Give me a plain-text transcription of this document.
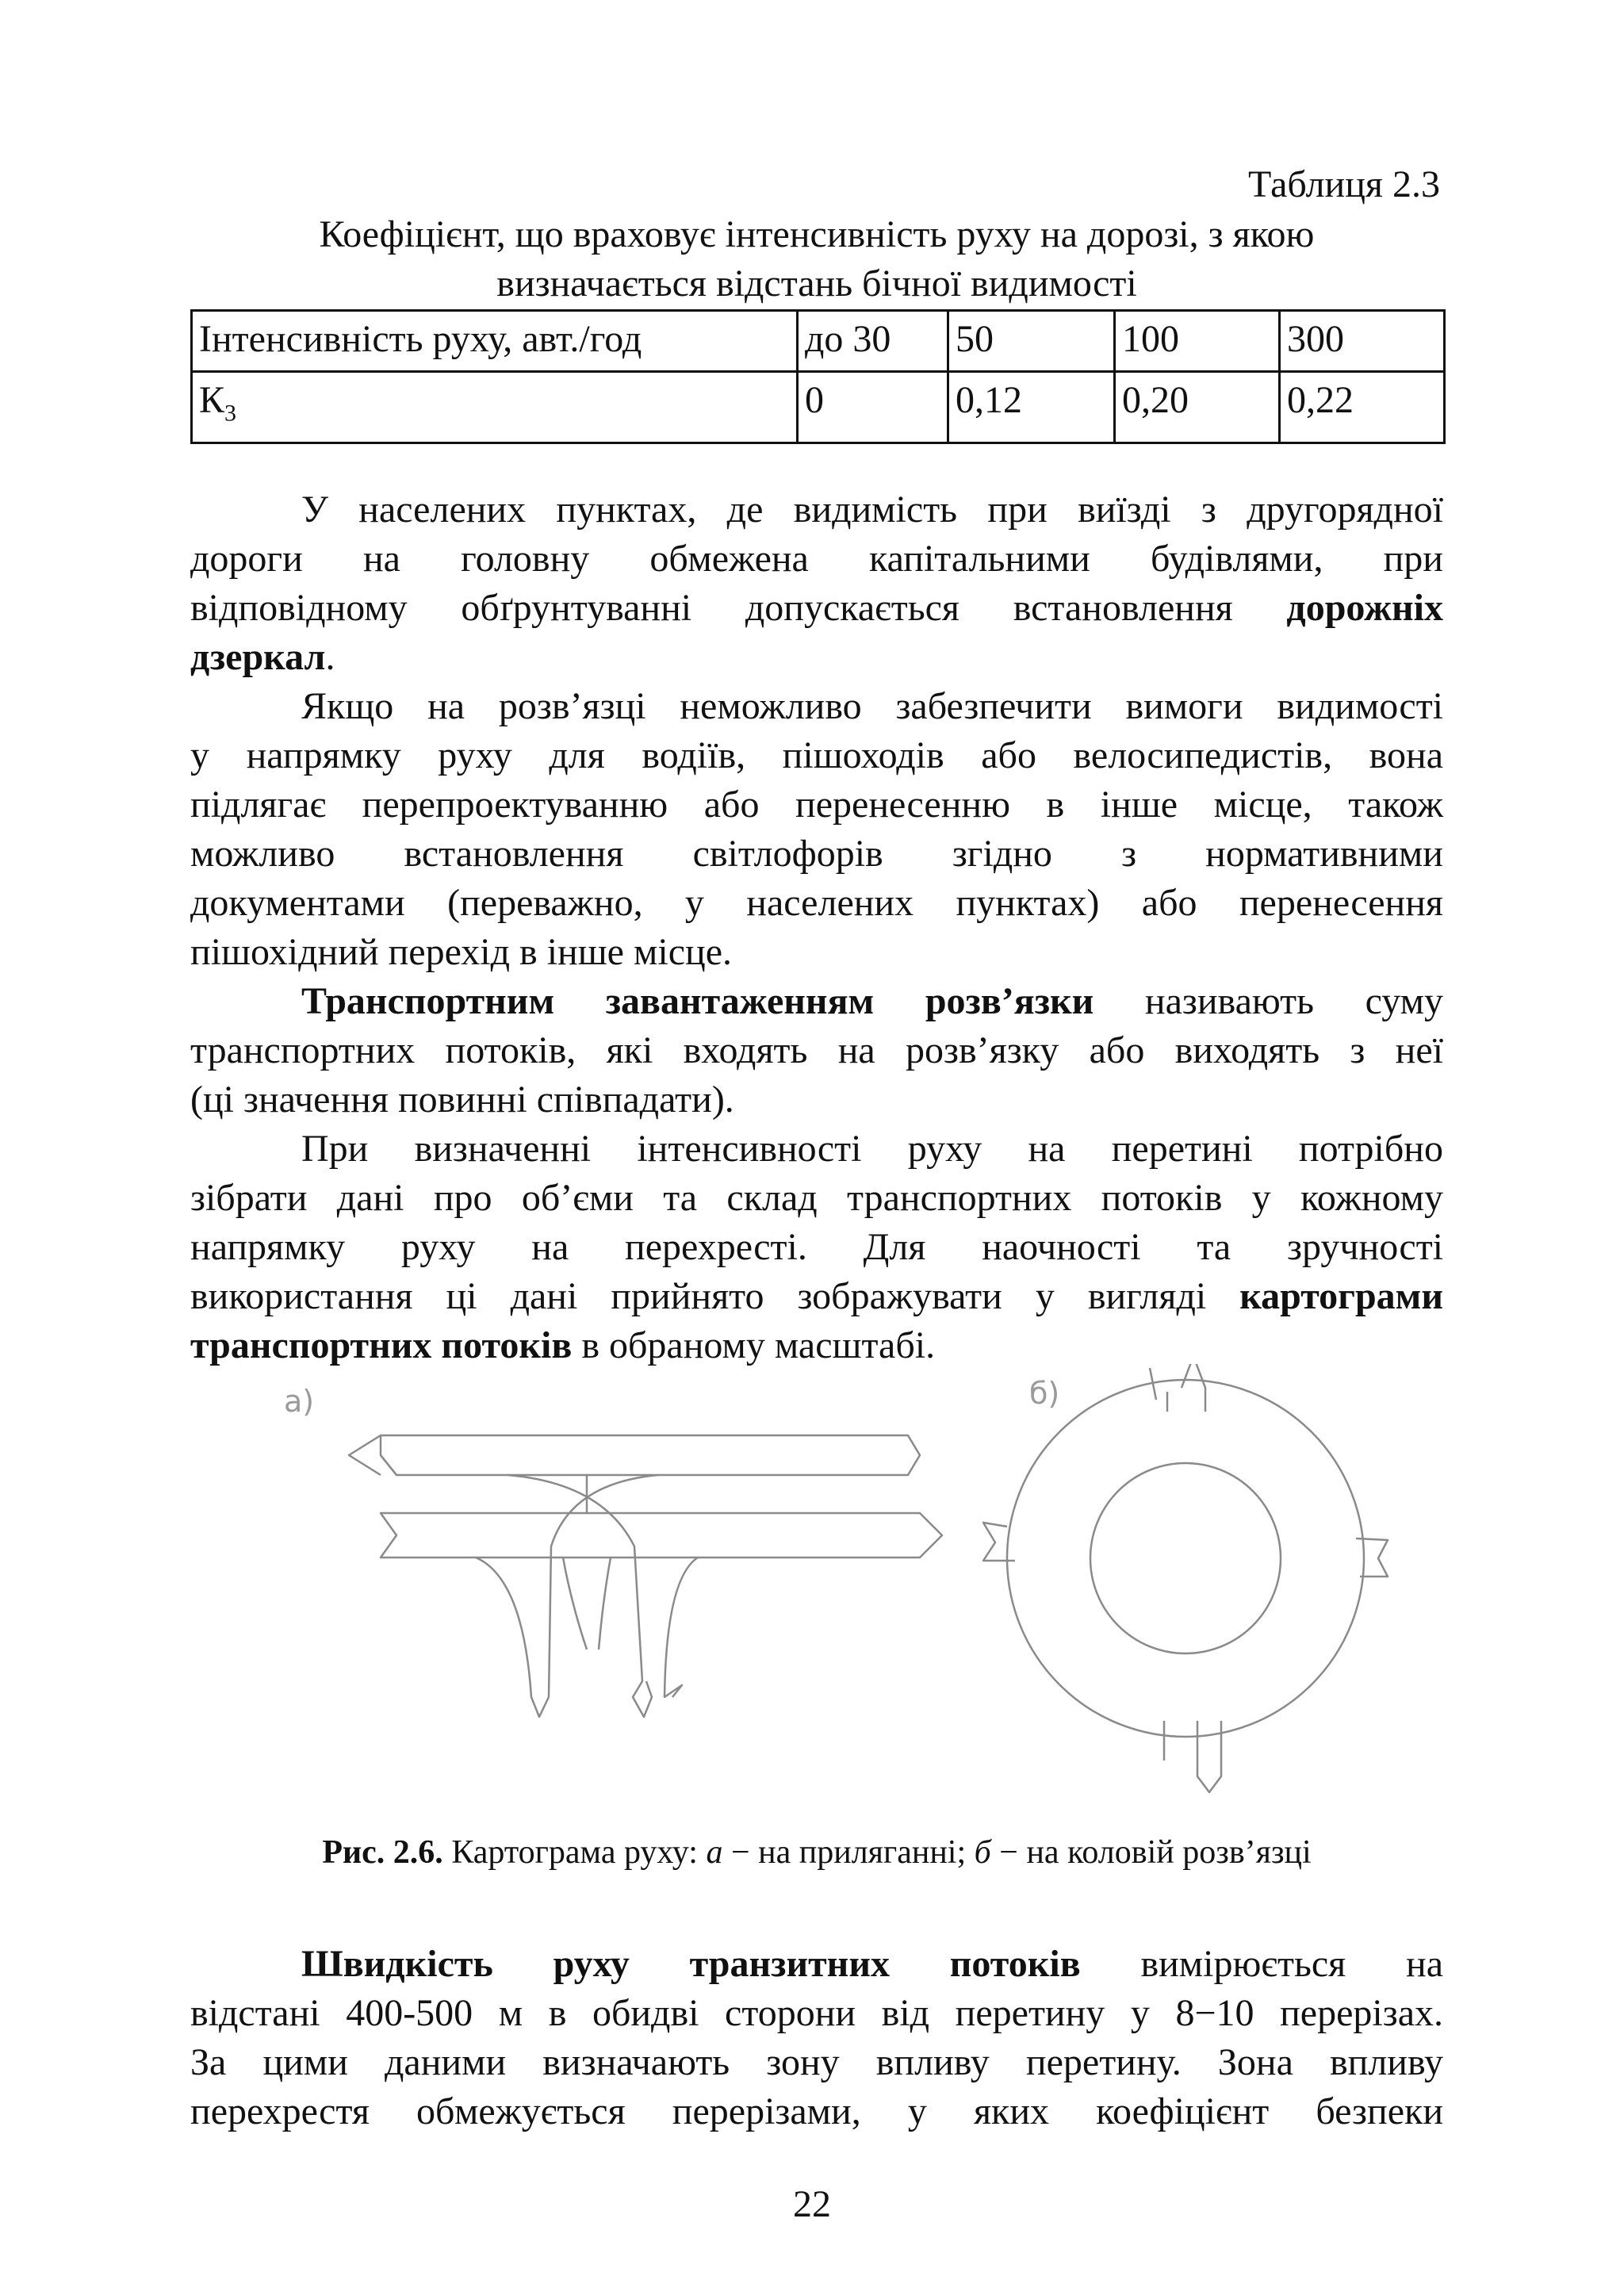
Таблиця 2.3
Коефіцієнт, що враховує інтенсивність руху на дорозі, з якою
визначається відстань бічної видимості
Інтенсивність руху, авт./год	до 30	50	100	300
$К_3$	0	0,12	0,20	0,22
У населених пунктах, де видимість при виїзді з другорядної
дороги на головну обмежена капітальними будівлями, при
відповідному обґрунтуванні допускається встановлення дорожніх
дзеркал.
Якщо на розв’язці неможливо забезпечити вимоги видимості
у напрямку руху для водіїв, пішоходів або велосипедистів, вона
підлягає перепроектуванню або перенесенню в інше місце, також
можливо встановлення світлофорів згідно з нормативними
документами (переважно, у населених пунктах) або перенесення
пішохідний перехід в інше місце.
Транспортним завантаженням розв’язки називають суму
транспортних потоків, які входять на розв’язку або виходять з неї
(ці значення повинні співпадати).
При визначенні інтенсивності руху на перетині потрібно
зібрати дані про об’єми та склад транспортних потоків у кожному
напрямку руху на перехресті. Для наочності та зручності
використання ці дані прийнято зображувати у вигляді картограми
транспортних потоків в обраному масштабі.
а)	б)
Рис. 2.6. Картограма руху: а − на приляганні; б − на коловій розв’язці
Швидкість руху транзитних потоків вимірюється на
відстані 400-500 м в обидві сторони від перетину у 8−10 перерізах.
За цими даними визначають зону впливу перетину. Зона впливу
перехрестя обмежується перерізами, у яких коефіцієнт безпеки
22
